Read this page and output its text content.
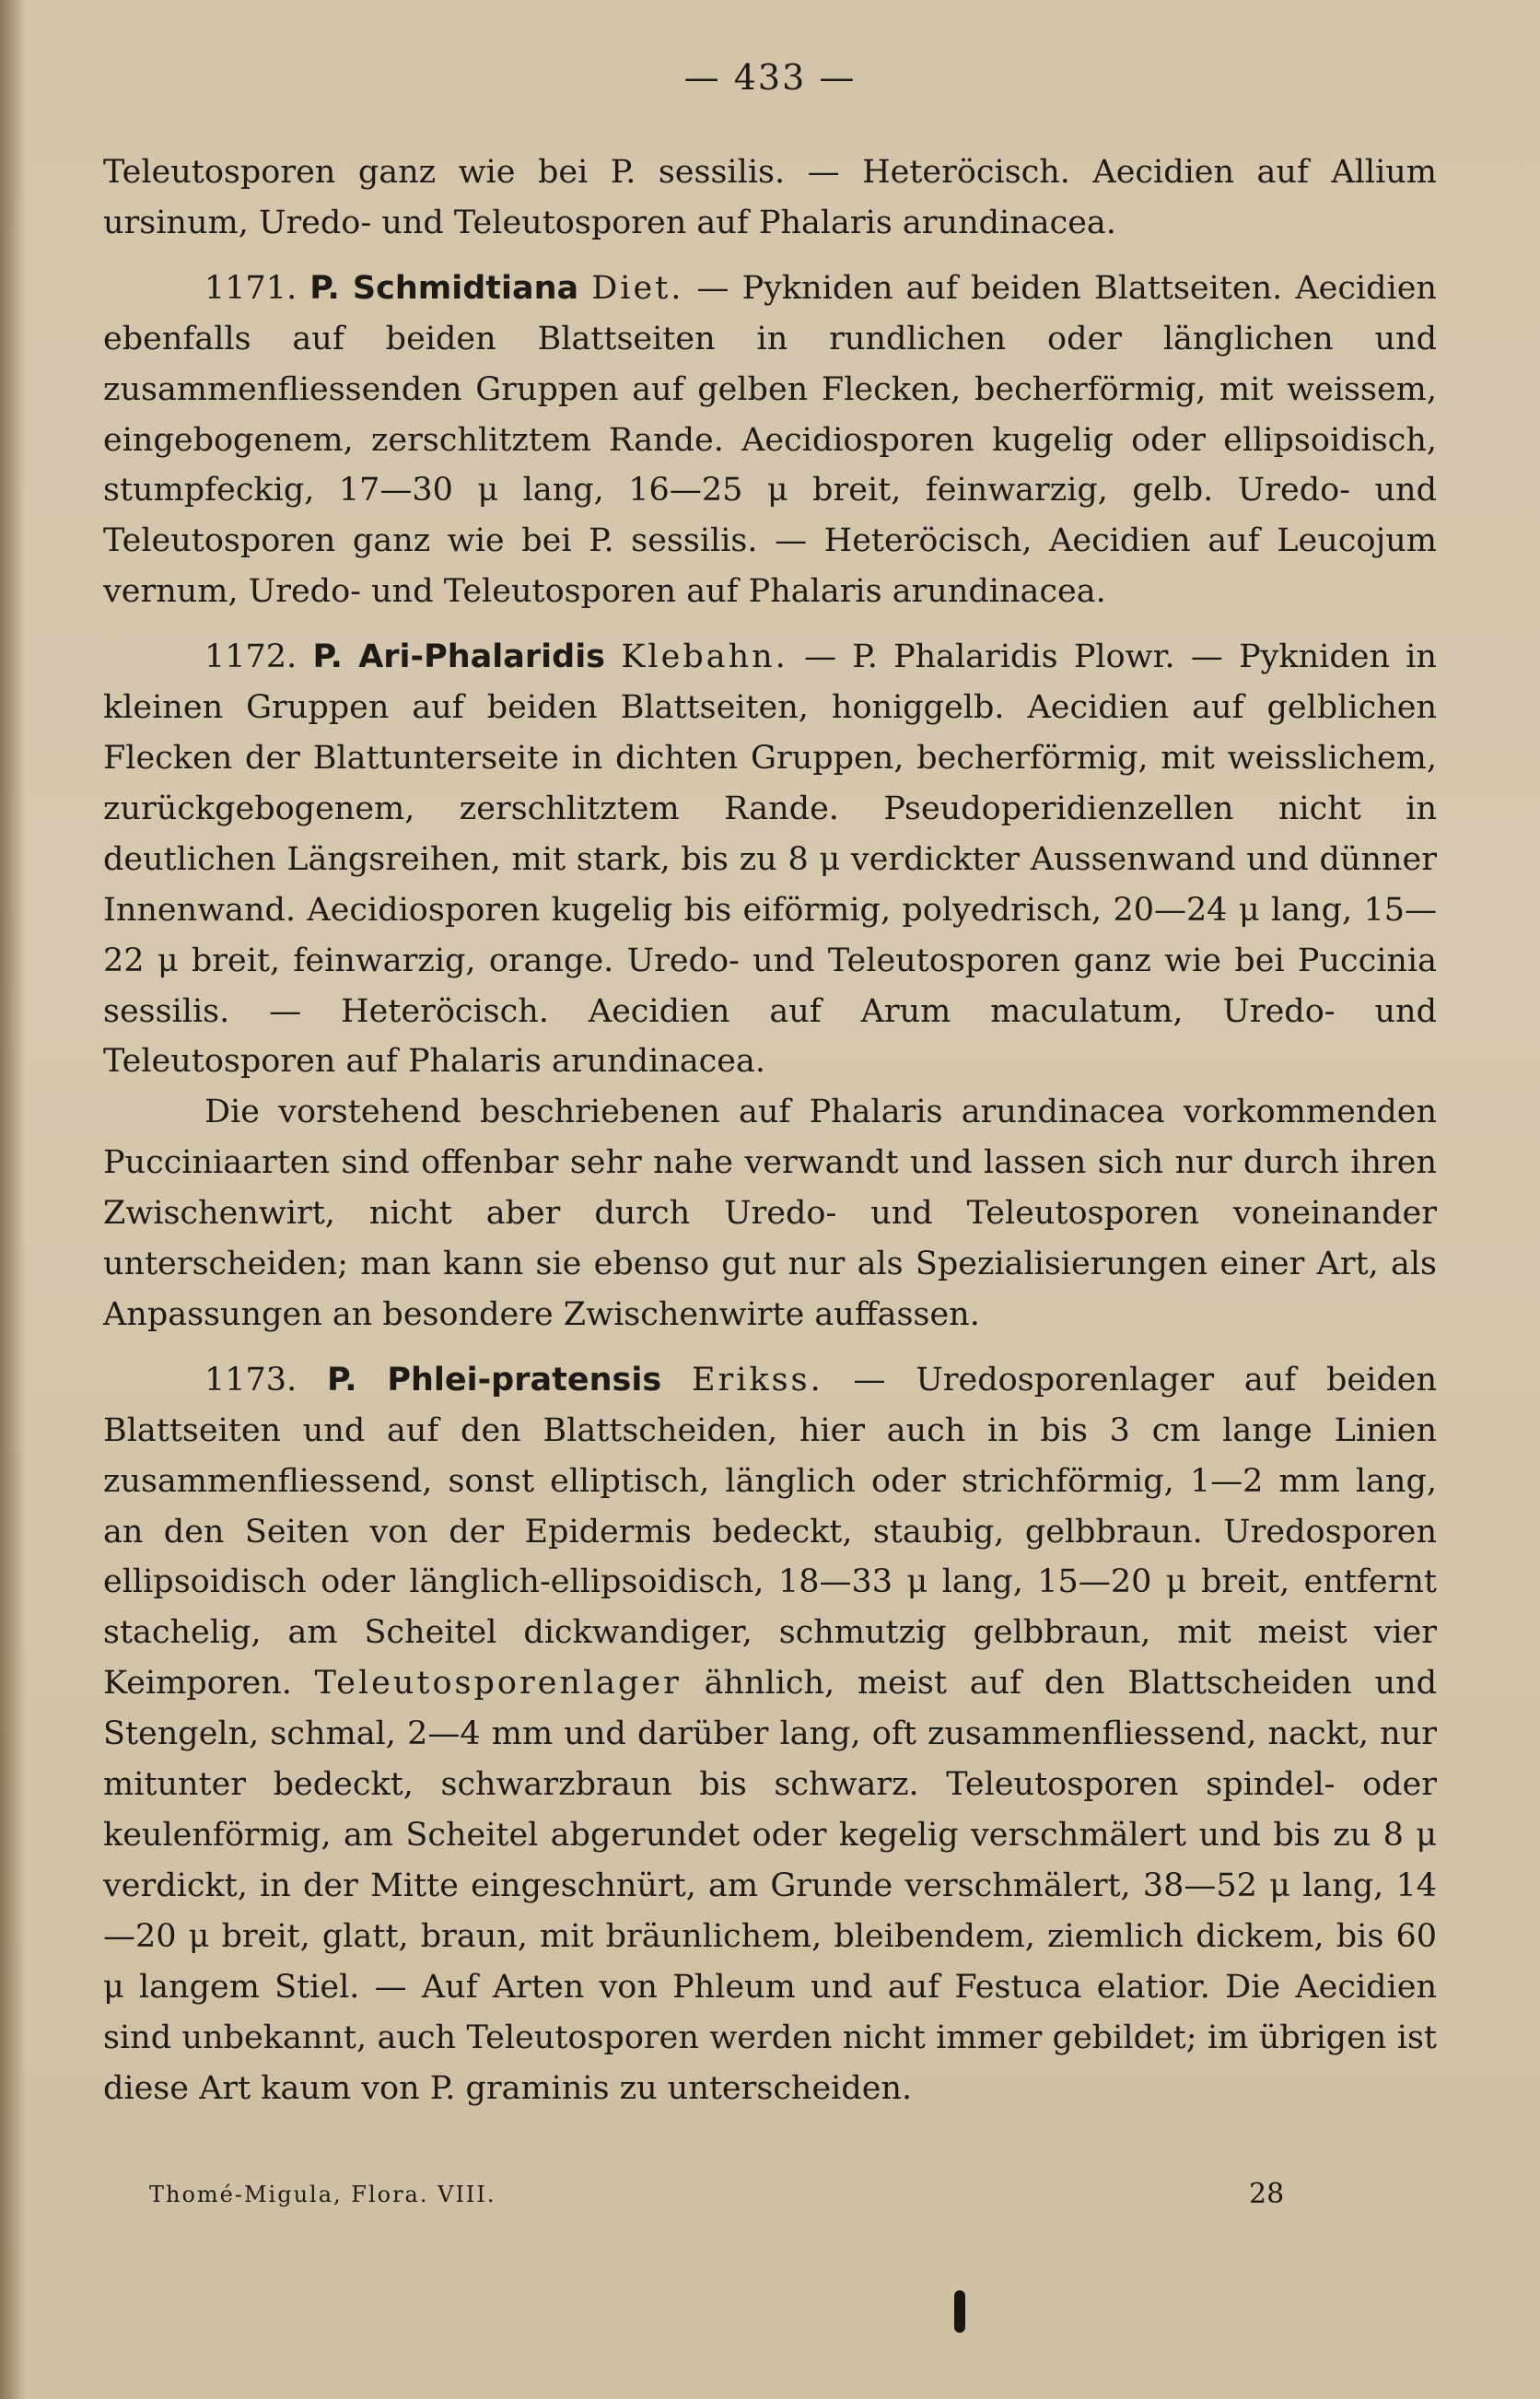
— 433 —

Teleutosporen ganz wie bei P. sessilis. — Heteröcisch. Aecidien auf Allium ursinum, Uredo- und Teleutosporen auf Phalaris arundinacea.

1171. P. Schmidtiana Diet. — Pykniden auf beiden Blattseiten. Aecidien ebenfalls auf beiden Blattseiten in rundlichen oder länglichen und zusammenfliessenden Gruppen auf gelben Flecken, becherförmig, mit weissem, eingebogenem, zerschlitztem Rande. Aecidiosporen kugelig oder ellipsoidisch, stumpfeckig, 17—30 μ lang, 16—25 μ breit, feinwarzig, gelb. Uredo- und Teleutosporen ganz wie bei P. sessilis. — Heteröcisch, Aecidien auf Leucojum vernum, Uredo- und Teleutosporen auf Phalaris arundinacea.

1172. P. Ari-Phalaridis Klebahn. — P. Phalaridis Plowr. — Pykniden in kleinen Gruppen auf beiden Blattseiten, honiggelb. Aecidien auf gelblichen Flecken der Blattunterseite in dichten Gruppen, becherförmig, mit weisslichem, zurückgebogenem, zerschlitztem Rande. Pseudoperidienzellen nicht in deutlichen Längsreihen, mit stark, bis zu 8 μ verdickter Aussenwand und dünner Innenwand. Aecidiosporen kugelig bis eiförmig, polyedrisch, 20—24 μ lang, 15—22 μ breit, feinwarzig, orange. Uredo- und Teleutosporen ganz wie bei Puccinia sessilis. — Heteröcisch. Aecidien auf Arum maculatum, Uredo- und Teleutosporen auf Phalaris arundinacea.

Die vorstehend beschriebenen auf Phalaris arundinacea vorkommenden Pucciniaarten sind offenbar sehr nahe verwandt und lassen sich nur durch ihren Zwischenwirt, nicht aber durch Uredo- und Teleutosporen voneinander unterscheiden; man kann sie ebenso gut nur als Spezialisierungen einer Art, als Anpassungen an besondere Zwischenwirte auffassen.

1173. P. Phlei-pratensis Erikss. — Uredosporenlager auf beiden Blattseiten und auf den Blattscheiden, hier auch in bis 3 cm lange Linien zusammenfliessend, sonst elliptisch, länglich oder strichförmig, 1—2 mm lang, an den Seiten von der Epidermis bedeckt, staubig, gelbbraun. Uredosporen ellipsoidisch oder länglich-ellipsoidisch, 18—33 μ lang, 15—20 μ breit, entfernt stachelig, am Scheitel dickwandiger, schmutzig gelbbraun, mit meist vier Keimporen. Teleutosporenlager ähnlich, meist auf den Blattscheiden und Stengeln, schmal, 2—4 mm und darüber lang, oft zusammenfliessend, nackt, nur mitunter bedeckt, schwarzbraun bis schwarz. Teleutosporen spindel- oder keulenförmig, am Scheitel abgerundet oder kegelig verschmälert und bis zu 8 μ verdickt, in der Mitte eingeschnürt, am Grunde verschmälert, 38—52 μ lang, 14—20 μ breit, glatt, braun, mit bräunlichem, bleibendem, ziemlich dickem, bis 60 μ langem Stiel. — Auf Arten von Phleum und auf Festuca elatior. Die Aecidien sind unbekannt, auch Teleutosporen werden nicht immer gebildet; im übrigen ist diese Art kaum von P. graminis zu unterscheiden.

Thomé-Migula, Flora. VIII.	28
